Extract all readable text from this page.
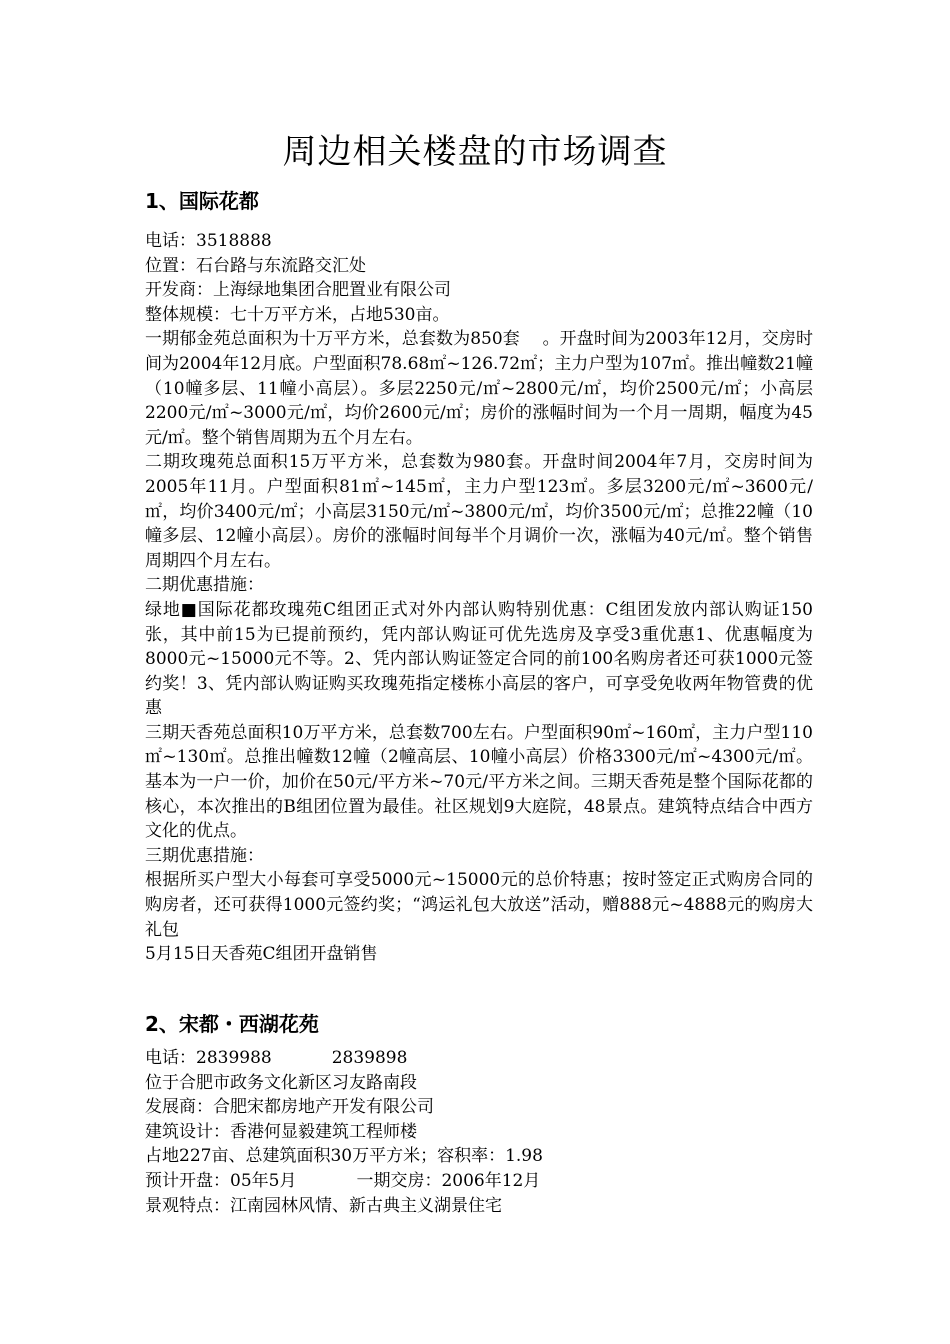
周边相关楼盘的市场调查
1、国际花都

电话：3518888

位置：石台路与东流路交汇处

开发商：上海绿地集团合肥置业有限公司

整体规模：七十万平方米，占地530亩。

一期郁金苑总面积为十万平方米，总套数为850套 　。开盘时间为2003年12月，交房时间为2004年12月底。户型面积78.68㎡~126.72㎡；主力户型为107㎡。推出幢数21幢（10幢多层、11幢小高层）。多层2250元/㎡~2800元/㎡，均价2500元/㎡；小高层2200元/㎡~3000元/㎡，均价2600元/㎡；房价的涨幅时间为一个月一周期，幅度为45元/㎡。整个销售周期为五个月左右。

二期玫瑰苑总面积15万平方米，总套数为980套。开盘时间2004年7月，交房时间为2005年11月。户型面积81㎡~145㎡，主力户型123㎡。多层3200元/㎡~3600元/㎡，均价3400元/㎡；小高层3150元/㎡~3800元/㎡，均价3500元/㎡；总推22幢（10幢多层、12幢小高层）。房价的涨幅时间每半个月调价一次，涨幅为40元/㎡。整个销售周期四个月左右。

二期优惠措施：

绿地■国际花都玫瑰苑C组团正式对外内部认购特别优惠：C组团发放内部认购证150张，其中前15为已提前预约，凭内部认购证可优先选房及享受3重优惠1、优惠幅度为8000元~15000元不等。2、凭内部认购证签定合同的前100名购房者还可获1000元签约奖！3、凭内部认购证购买玫瑰苑指定楼栋小高层的客户，可享受免收两年物管费的优惠

三期天香苑总面积10万平方米，总套数700左右。户型面积90㎡~160㎡，主力户型110㎡~130㎡。总推出幢数12幢（2幢高层、10幢小高层）价格3300元/㎡~4300元/㎡。基本为一户一价，加价在50元/平方米~70元/平方米之间。三期天香苑是整个国际花都的核心，本次推出的B组团位置为最佳。社区规划9大庭院，48景点。建筑特点结合中西方文化的优点。

三期优惠措施：

根据所买户型大小每套可享受5000元~15000元的总价特惠；按时签定正式购房合同的购房者，还可获得1000元签约奖；“鸿运礼包大放送”活动，赠888元~4888元的购房大礼包

5月15日天香苑C组团开盘销售

2、宋都・西湖花苑

电话：2839988	2839898

位于合肥市政务文化新区习友路南段

发展商：合肥宋都房地产开发有限公司

建筑设计：香港何显毅建筑工程师楼

占地227亩、总建筑面积30万平方米；容积率：1.98

预计开盘：05年5月	一期交房：2006年12月

景观特点：江南园林风情、新古典主义湖景住宅
